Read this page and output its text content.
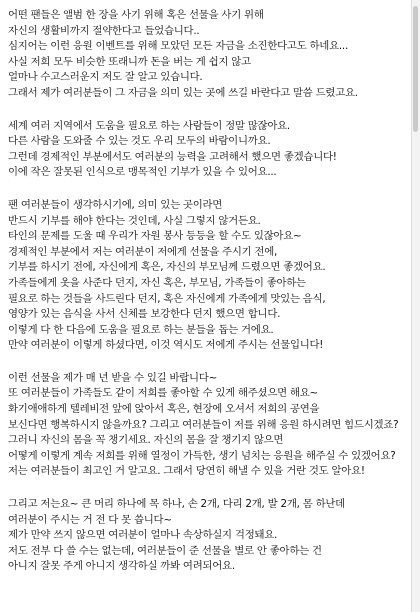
어떤 팬들은 앨범 한 장을 사기 위해 혹은 선물을 사기 위해
자신의 생활비까지 절약한다고 들었습니다..
심지어는 이런 응원 이벤트를 위해 모았던 모든 자금을 소진한다고도 하네요...
사실 저희 모두 비슷한 또래니까 돈을 버는 게 쉽지 않고
얼마나 수고스러운지 저도 잘 알고 있습니다.
그래서 제가 여러분들이 그 자금을 의미 있는 곳에 쓰길 바란다고 말씀 드렸고요.
세계 여러 지역에서 도움을 필요로 하는 사람들이 정말 많잖아요.
다른 사람을 도와줄 수 있는 것도 우리 모두의 바람이니까요.
그런데 경제적인 부분에서도 여러분의 능력을 고려해서 했으면 좋겠습니다!
이에 작은 잘못된 인식으로 맹목적인 기부가 있을 수 있어요...
팬 여러분들이 생각하시기에, 의미 있는 곳이라면
반드시 기부를 해야 한다는 것인데, 사실 그렇지 않거든요.
타인의 문제를 도울 때 우리가 자원 봉사 등등을 할 수도 있잖아요~
경제적인 부분에서 저는 여러분이 저에게 선물을 주시기 전에,
기부를 하시기 전에, 자신에게 혹은, 자신의 부모님께 드렸으면 좋겠어요.
가족들에게 옷을 사준다 던지, 자신 혹은, 부모님, 가족들이 좋아하는
필요로 하는 것들을 사드린다 던지, 혹은 자신에게 가족에게 맛있는 음식,
영양가 있는 음식을 사서 신체를 보강한다 던지 했으면 합니다.
이렇게 다 한 다음에 도움을 필요로 하는 분들을 돕는 거에요.
만약 여러분이 이렇게 하셨다면, 이것 역시도 저에게 주시는 선물입니다!
이런 선물을 제가 매 년 받을 수 있길 바랍니다~
또 여러분들이 가족들도 같이 저희를 좋아할 수 있게 해주셨으면 해요~
화기애애하게 텔레비전 앞에 앉아서 혹은, 현장에 오셔서 저희의 공연을
보신다면 행복하시지 않을까요? 그리고 여러분들이 저를 위해 응원 하시려면 힘드시겠죠?
그러니 자신의 몸을 꼭 챙기세요. 자신의 몸을 잘 챙기지 않으면
어떻게 이렇게 계속 저희를 위해 열정이 가득한, 생기 넘치는 응원을 해주실 수 있겠어요?
저는 여러분들이 최고인 거 알고요. 그래서 당연히 해낼 수 있을 거란 것도 알아요!
그리고 저는요~ 큰 머리 하나에 목 하나, 손 2개, 다리 2개, 발 2개, 몸 하난데
여러분이 주시는 거 전 다 못 씁니다~
제가 만약 쓰지 않으면 여러분이 얼마나 속상하실지 걱정돼요.
저도 전부 다 쓸 수는 없는데, 여러분들이 준 선물을 별로 안 좋아하는 건
아니지 잘못 주게 아니지 생각하실 까봐 여려되어요.
